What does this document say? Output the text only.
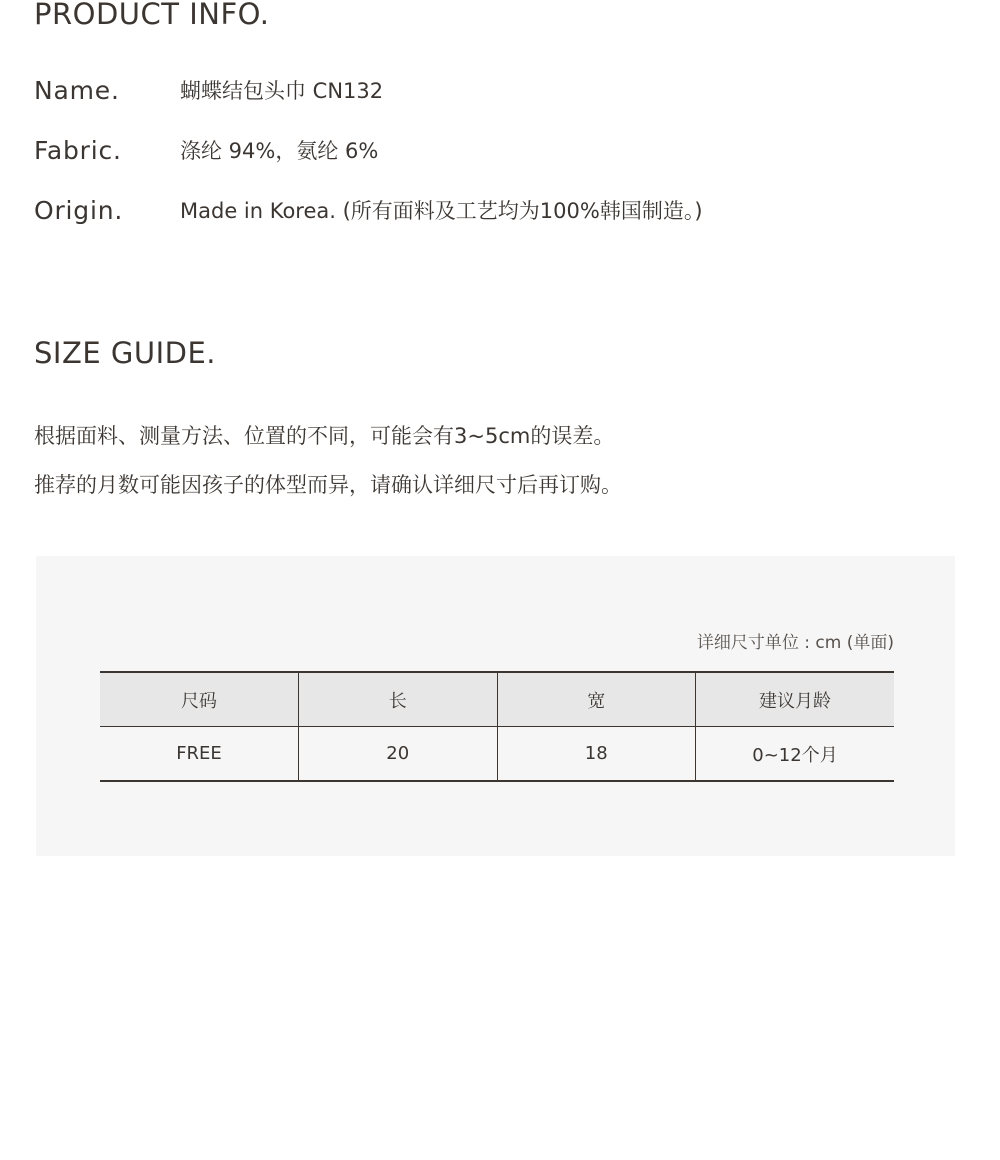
PRODUCT INFO.
Name.	蝴蝶结包头巾 CN132
Fabric.	涤纶 94%，氨纶 6%
Origin.	Made in Korea. (所有面料及工艺均为100%韩国制造。)
SIZE GUIDE.
根据面料、测量方法、位置的不同，可能会有3~5cm的误差。
推荐的月数可能因孩子的体型而异，请确认详细尺寸后再订购。
详细尺寸单位 : cm (单面)
尺码	长	宽	建议月龄
FREE	20	18	0~12个月
